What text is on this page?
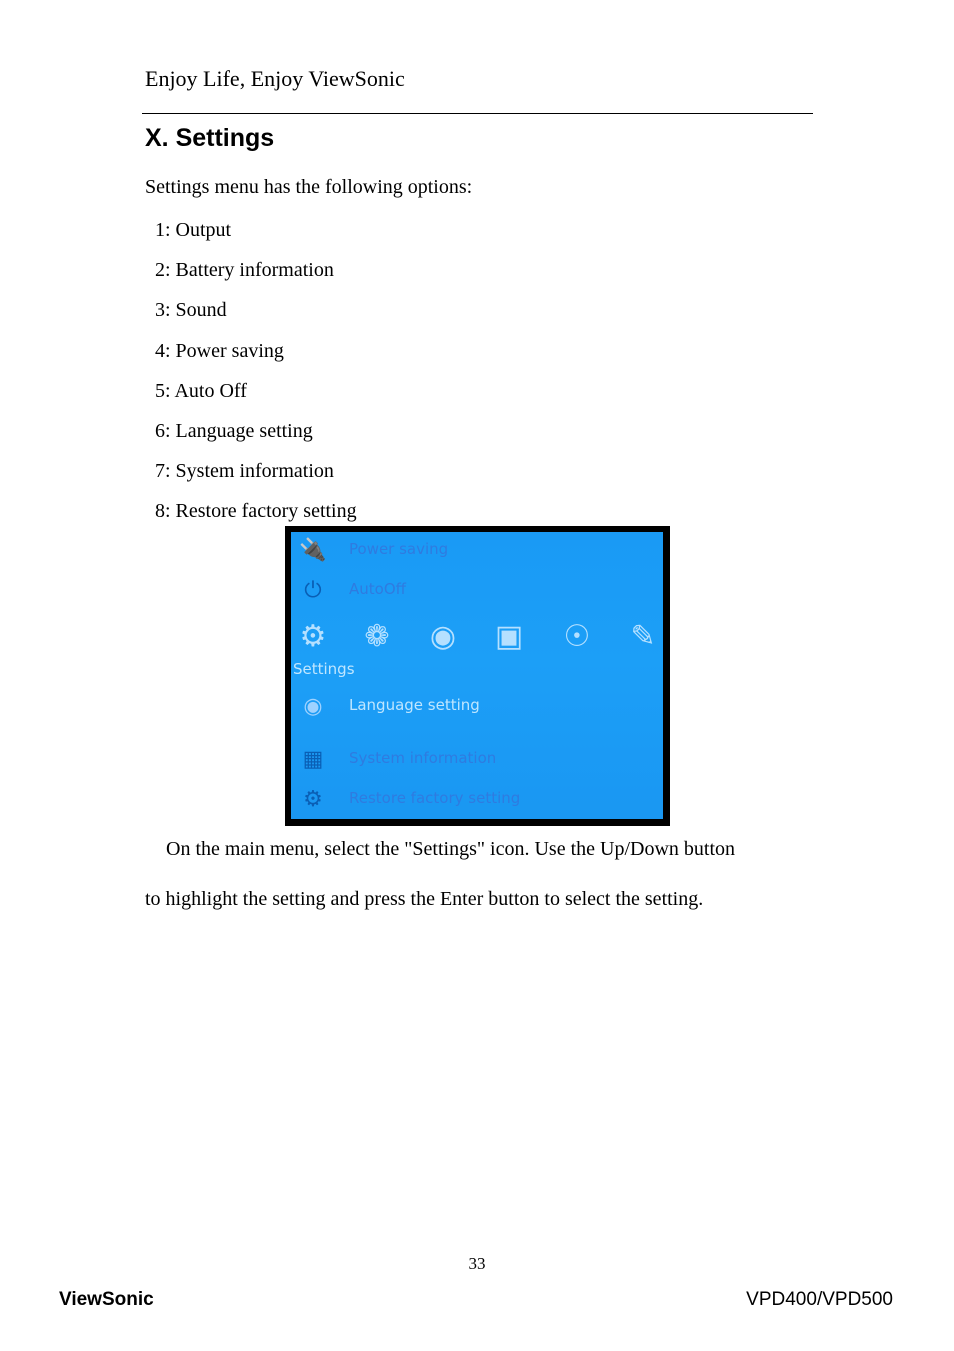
Enjoy Life, Enjoy ViewSonic
X. Settings
Settings menu has the following options:
1: Output
2: Battery information
3: Sound
4: Power saving
5: Auto Off
6: Language setting
7: System information
8: Restore factory setting
🔌 Power saving
⏻	AutoOff
⚙ ❁ ◉ ▣ ☉ ✎
Settings
◉	Language setting
▦	System information
⚙	Restore factory setting
On the main menu, select the "Settings" icon. Use the Up/Down button
to highlight the setting and press the Enter button to select the setting.
33
ViewSonic	VPD400/VPD500
